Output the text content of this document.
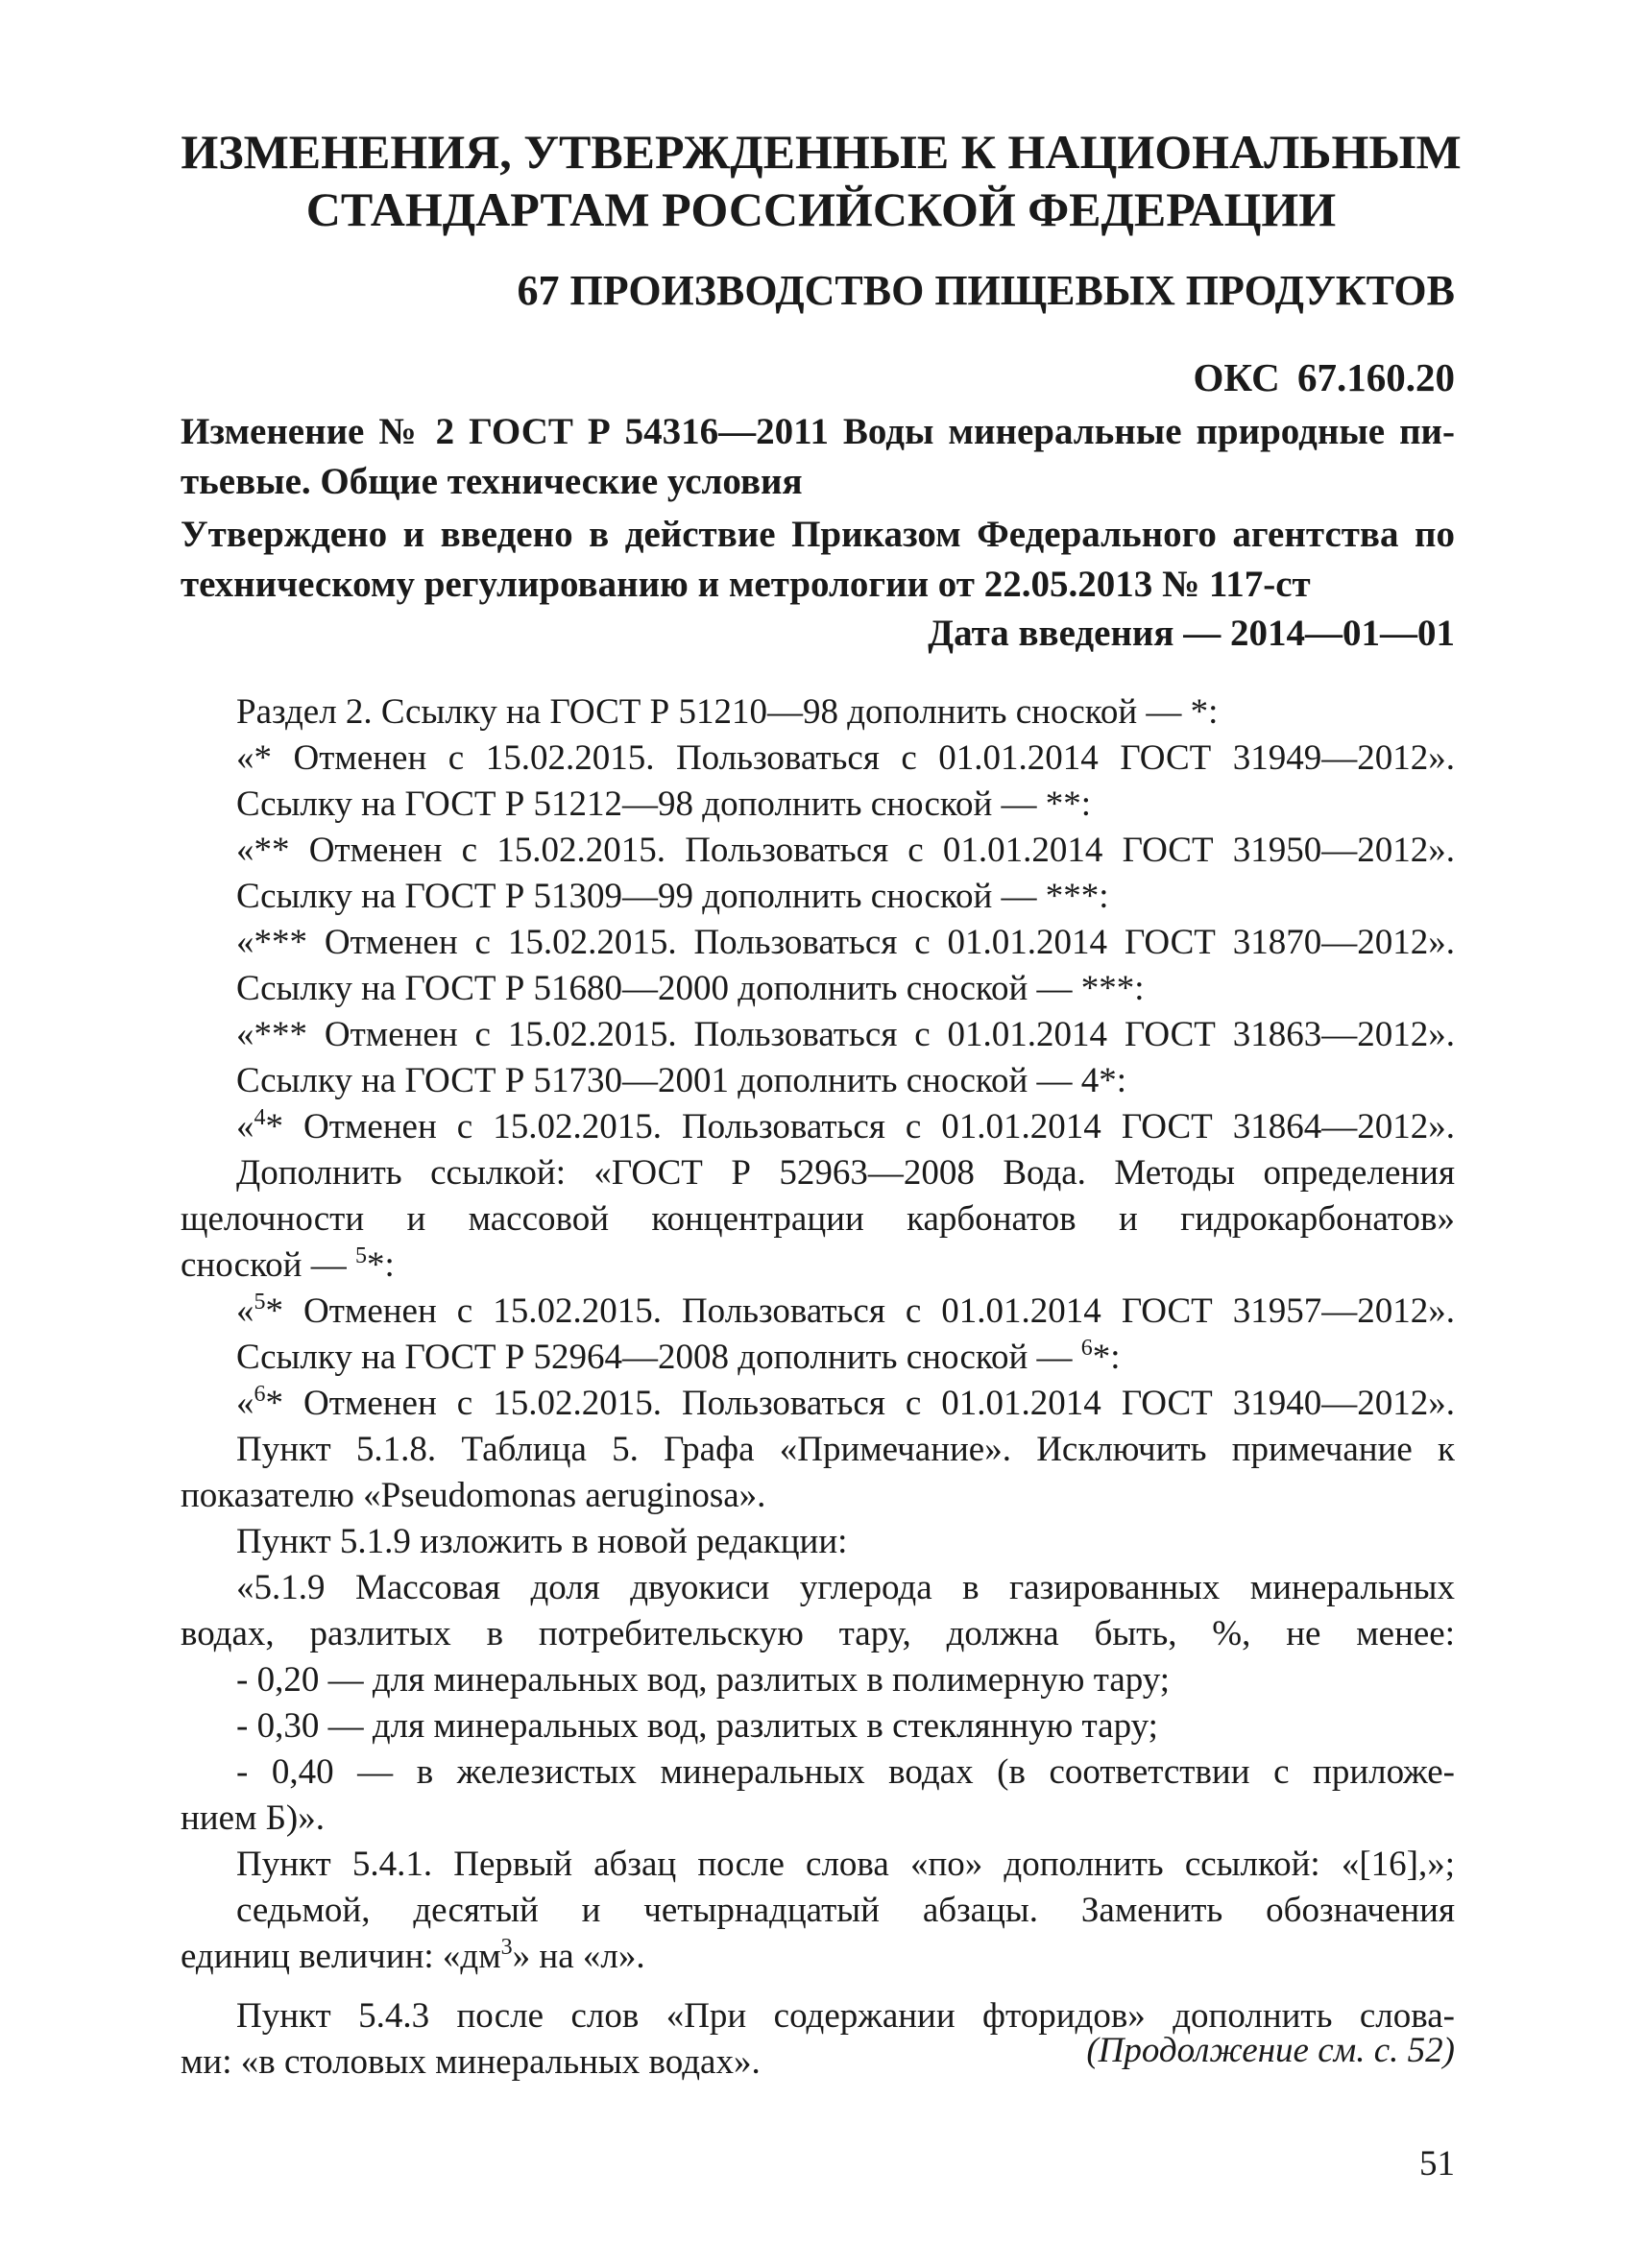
ИЗМЕНЕНИЯ, УТВЕРЖДЕННЫЕ К НАЦИОНАЛЬНЫМ
СТАНДАРТАМ РОССИЙСКОЙ ФЕДЕРАЦИИ
67 ПРОИЗВОДСТВО ПИЩЕВЫХ ПРОДУКТОВ
ОКС 67.160.20
Изменение № 2 ГОСТ Р 54316—2011 Воды минеральные природные пи-
тьевые. Общие технические условия
Утверждено и введено в действие Приказом Федерального агентства по
техническому регулированию и метрологии от 22.05.2013 № 117-ст
Дата введения — 2014—01—01
Раздел 2. Ссылку на ГОСТ Р 51210—98 дополнить сноской — *:
«* Отменен с 15.02.2015. Пользоваться с 01.01.2014 ГОСТ 31949—2012».
Ссылку на ГОСТ Р 51212—98 дополнить сноской — **:
«** Отменен с 15.02.2015. Пользоваться с 01.01.2014 ГОСТ 31950—2012».
Ссылку на ГОСТ Р 51309—99 дополнить сноской — ***:
«*** Отменен с 15.02.2015. Пользоваться с 01.01.2014 ГОСТ 31870—2012».
Ссылку на ГОСТ Р 51680—2000 дополнить сноской — ***:
«*** Отменен с 15.02.2015. Пользоваться с 01.01.2014 ГОСТ 31863—2012».
Ссылку на ГОСТ Р 51730—2001 дополнить сноской — 4*:
«$^4$* Отменен с 15.02.2015. Пользоваться с 01.01.2014 ГОСТ 31864—2012».
Дополнить ссылкой: «ГОСТ Р 52963—2008 Вода. Методы определения
щелочности и массовой концентрации карбонатов и гидрокарбонатов»
сноской — $^5$*:
«$^5$* Отменен с 15.02.2015. Пользоваться с 01.01.2014 ГОСТ 31957—2012».
Ссылку на ГОСТ Р 52964—2008 дополнить сноской — $^6$*:
«$^6$* Отменен с 15.02.2015. Пользоваться с 01.01.2014 ГОСТ 31940—2012».
Пункт 5.1.8. Таблица 5. Графа «Примечание». Исключить примечание к
показателю «Pseudomonas aeruginosa».
Пункт 5.1.9 изложить в новой редакции:
«5.1.9 Массовая доля двуокиси углерода в газированных минеральных
водах, разлитых в потребительскую тару, должна быть, %, не менее:
- 0,20 — для минеральных вод, разлитых в полимерную тару;
- 0,30 — для минеральных вод, разлитых в стеклянную тару;
- 0,40 — в железистых минеральных водах (в соответствии с приложе-
нием Б)».
Пункт 5.4.1. Первый абзац после слова «по» дополнить ссылкой: «[16],»;
седьмой, десятый и четырнадцатый абзацы. Заменить обозначения
единиц величин: «$дм^3$» на «л».
Пункт 5.4.3 после слов «При содержании фторидов» дополнить слова-
ми: «в столовых минеральных водах».	(Продолжение см. с. 52)
51
